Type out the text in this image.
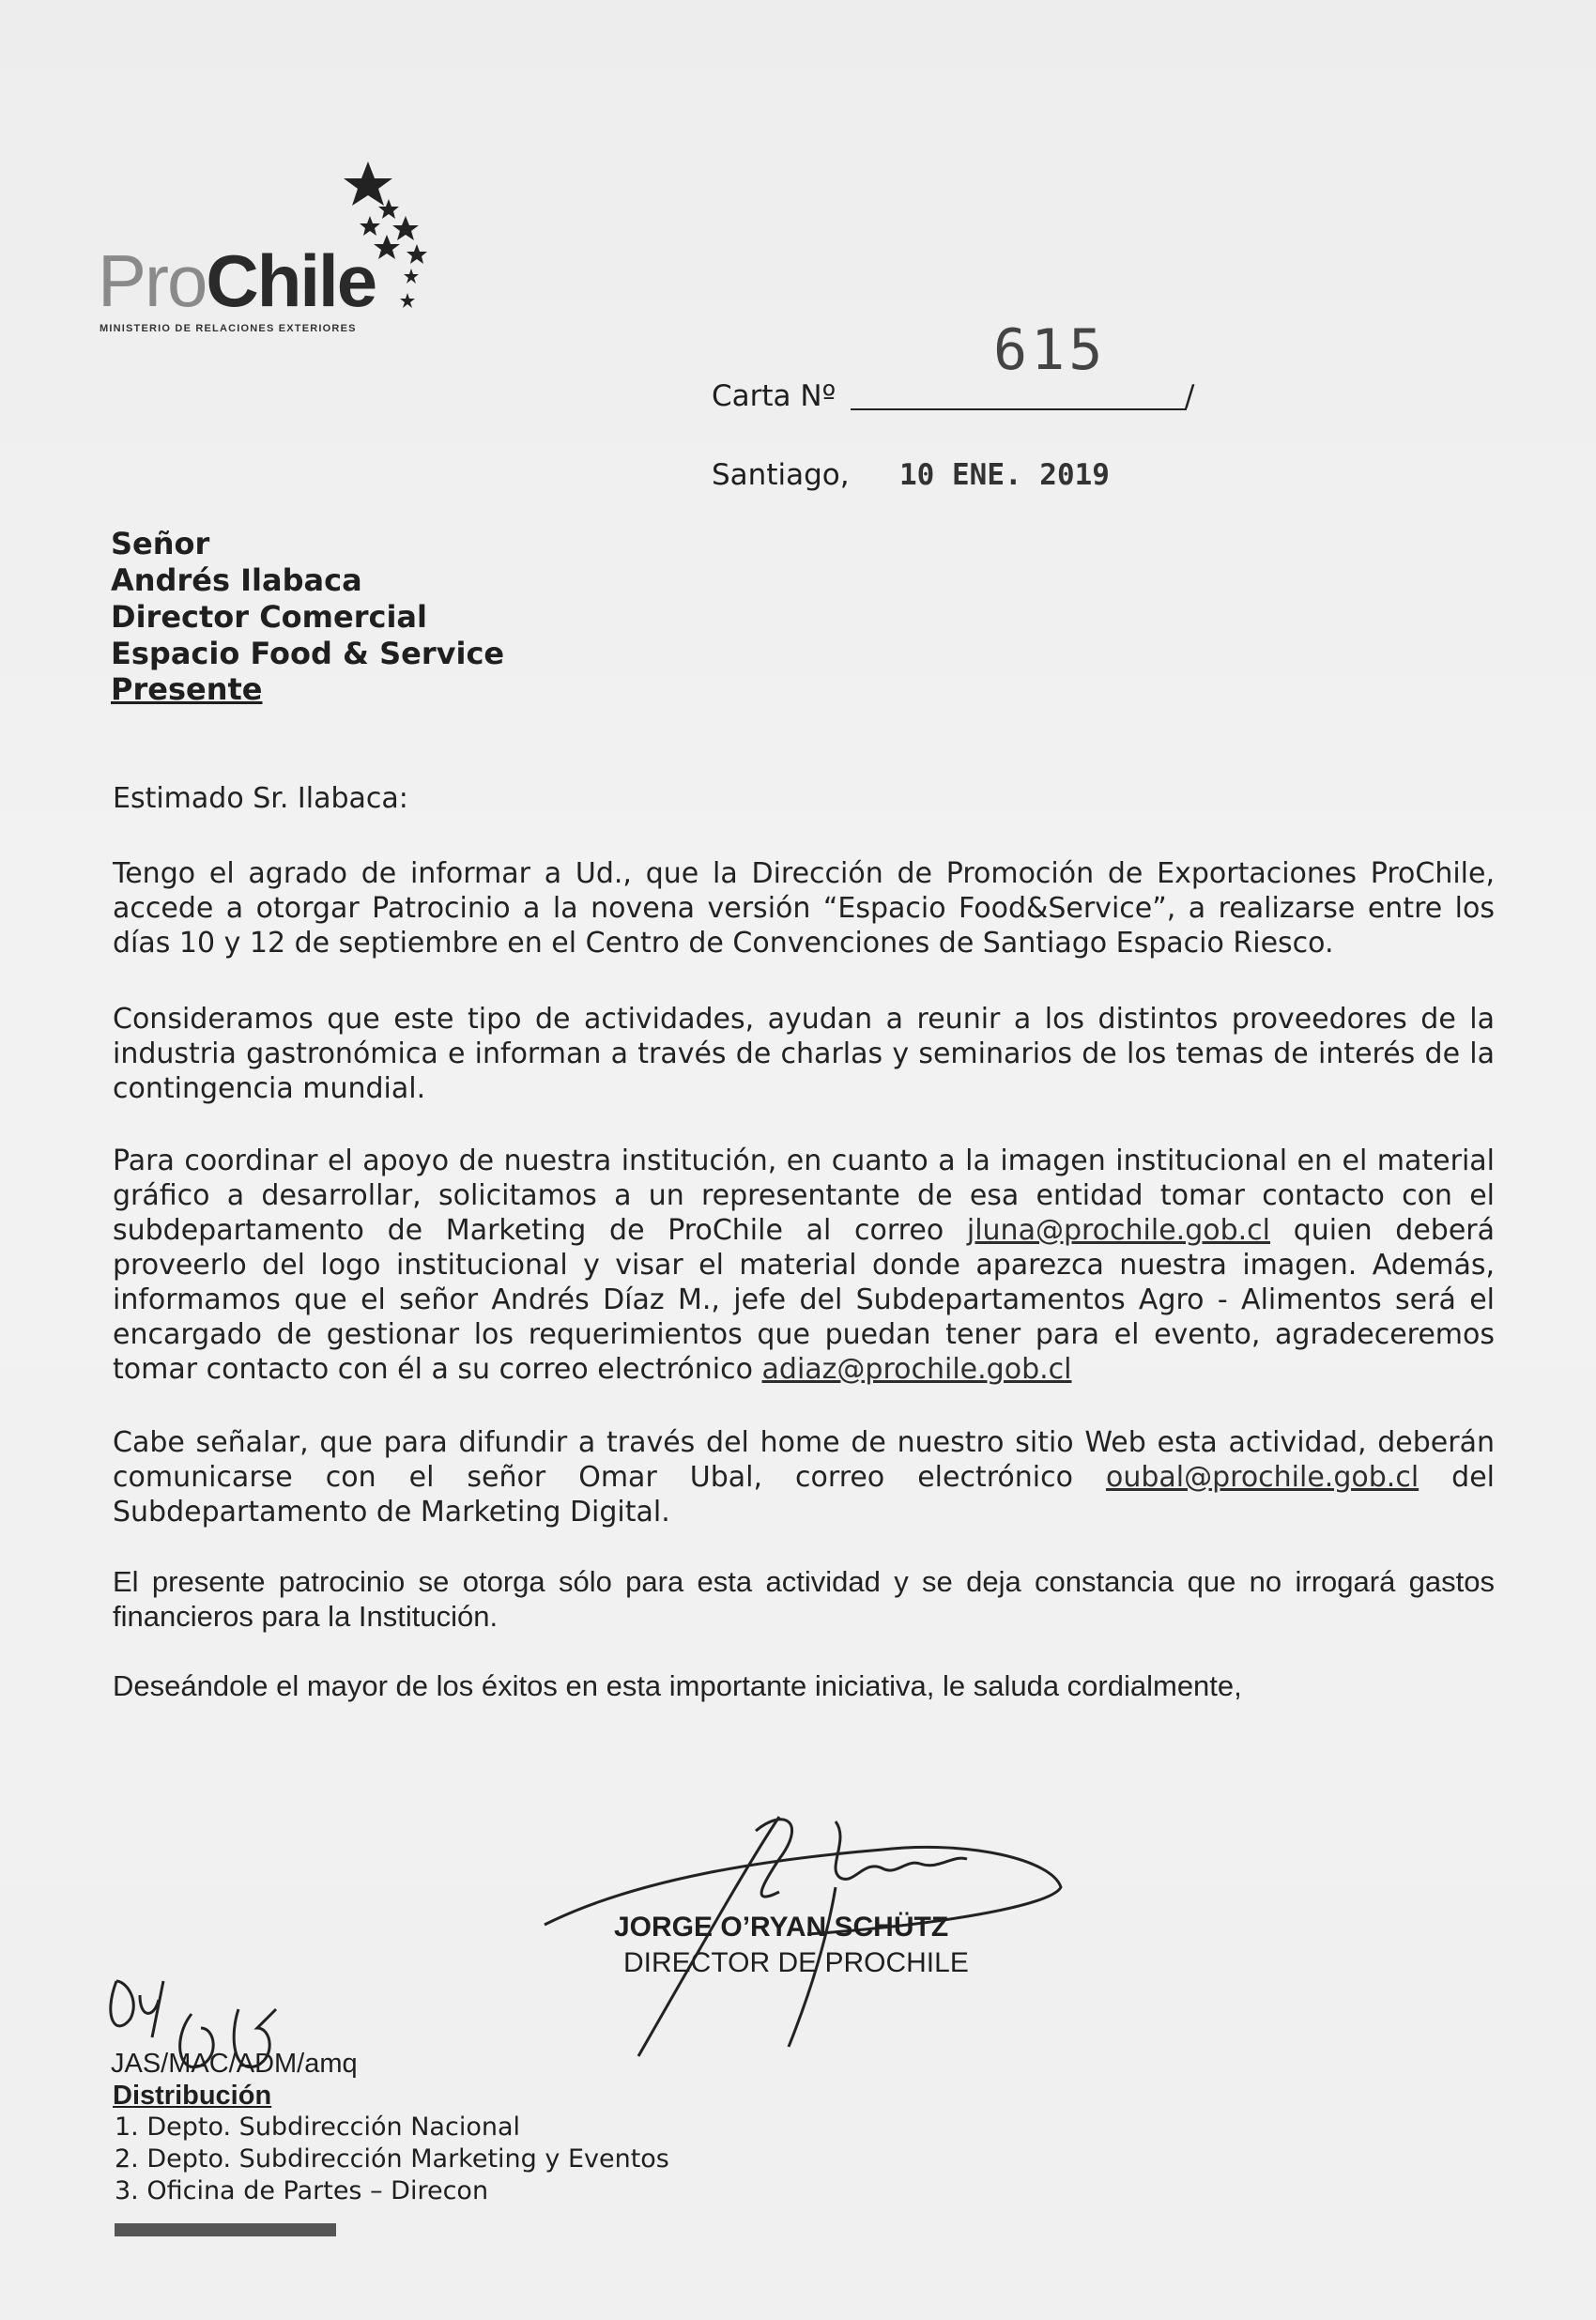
ProChile
MINISTERIO DE RELACIONES EXTERIORES	615
Carta Nº	/
Santiago, 10 ENE. 2019
Señor
Andrés Ilabaca
Director Comercial
Espacio Food & Service
Presente

Estimado Sr. Ilabaca:

Tengo el agrado de informar a Ud., que la Dirección de Promoción de Exportaciones ProChile, accede a otorgar Patrocinio a la novena versión “Espacio Food&Service”, a realizarse entre los días 10 y 12 de septiembre en el Centro de Convenciones de Santiago Espacio Riesco.

Consideramos que este tipo de actividades, ayudan a reunir a los distintos proveedores de la industria gastronómica e informan a través de charlas y seminarios de los temas de interés de la contingencia mundial.

Para coordinar el apoyo de nuestra institución, en cuanto a la imagen institucional en el material gráfico a desarrollar, solicitamos a un representante de esa entidad tomar contacto con el subdepartamento de Marketing de ProChile al correo jluna@prochile.gob.cl quien deberá proveerlo del logo institucional y visar el material donde aparezca nuestra imagen. Además, informamos que el señor Andrés Díaz M., jefe del Subdepartamentos Agro - Alimentos será el encargado de gestionar los requerimientos que puedan tener para el evento, agradeceremos tomar contacto con él a su correo electrónico adiaz@prochile.gob.cl

Cabe señalar, que para difundir a través del home de nuestro sitio Web esta actividad, deberán comunicarse con el señor Omar Ubal, correo electrónico oubal@prochile.gob.cl del Subdepartamento de Marketing Digital.

El presente patrocinio se otorga sólo para esta actividad y se deja constancia que no irrogará gastos financieros para la Institución.

Deseándole el mayor de los éxitos en esta importante iniciativa, le saluda cordialmente,

JORGE O’RYAN SCHÜTZ
DIRECTOR DE PROCHILE
JAS/MAC/ADM/amq
Distribución
1. Depto. Subdirección Nacional
2. Depto. Subdirección Marketing y Eventos
3. Oficina de Partes – Direcon
